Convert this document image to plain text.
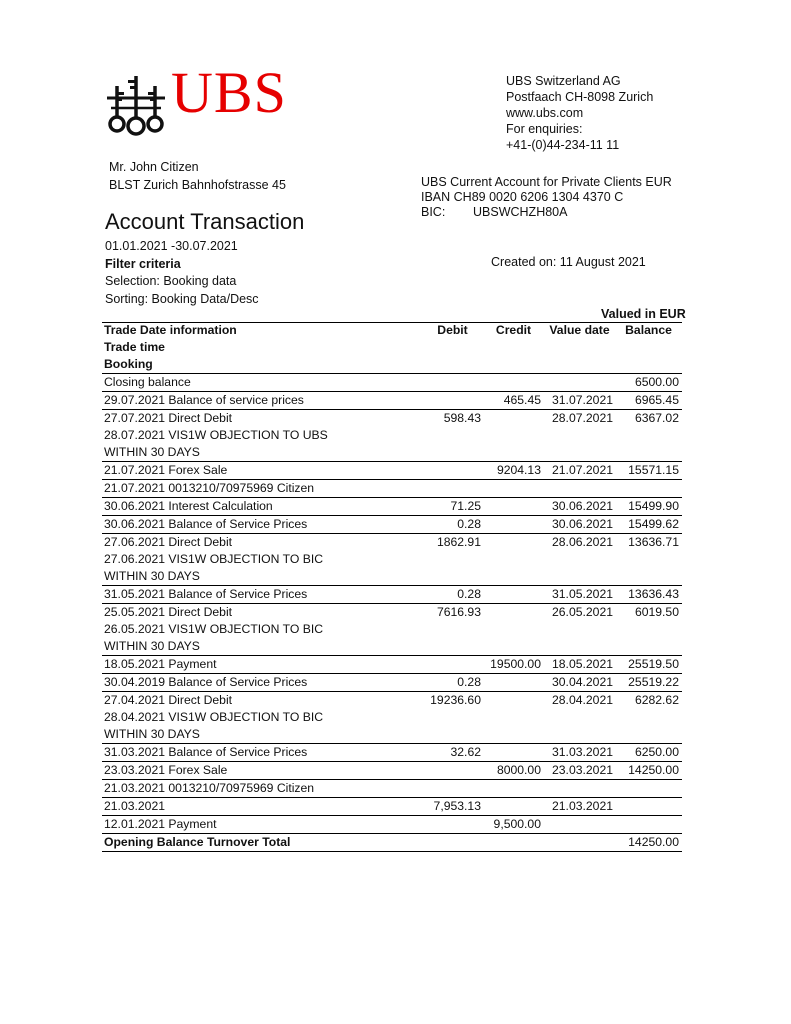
UBS	UBS Switzerland AG
Postfaach CH-8098 Zurich
www.ubs.com
For enquiries:
+41-(0)44-234-11 11
Mr. John Citizen
BLST Zurich Bahnhofstrasse 45	UBS Current Account for Private Clients EUR
IBAN CH89 0020 6206 1304 4370 C
BIC: UBSWCHZH80A
Account Transaction
01.01.2021 -30.07.2021
Filter criteria
Selection: Booking data
Sorting: Booking Data/Desc
Created on: 11 August 2021
Valued in EUR
Trade Date information	Debit	Credit	Value date	Balance
Trade time				
Booking				
Closing balance				6500.00
29.07.2021 Balance of service prices		465.45	31.07.2021	6965.45
27.07.2021 Direct Debit	598.43		28.07.2021	6367.02
28.07.2021 VIS1W OBJECTION TO UBS				
WITHIN 30 DAYS				
21.07.2021 Forex Sale		9204.13	21.07.2021	15571.15
21.07.2021 0013210/70975969 Citizen				
30.06.2021 Interest Calculation	71.25		30.06.2021	15499.90
30.06.2021 Balance of Service Prices	0.28		30.06.2021	15499.62
27.06.2021 Direct Debit	1862.91		28.06.2021	13636.71
27.06.2021 VIS1W OBJECTION TO BIC				
WITHIN 30 DAYS				
31.05.2021 Balance of Service Prices	0.28		31.05.2021	13636.43
25.05.2021 Direct Debit	7616.93		26.05.2021	6019.50
26.05.2021 VIS1W OBJECTION TO BIC				
WITHIN 30 DAYS				
18.05.2021 Payment		19500.00	18.05.2021	25519.50
30.04.2019 Balance of Service Prices	0.28		30.04.2021	25519.22
27.04.2021 Direct Debit	19236.60		28.04.2021	6282.62
28.04.2021 VIS1W OBJECTION TO BIC				
WITHIN 30 DAYS				
31.03.2021 Balance of Service Prices	32.62		31.03.2021	6250.00
23.03.2021 Forex Sale		8000.00	23.03.2021	14250.00
21.03.2021 0013210/70975969 Citizen				
21.03.2021	7,953.13		21.03.2021	
12.01.2021 Payment		9,500.00		
Opening Balance Turnover Total				14250.00
